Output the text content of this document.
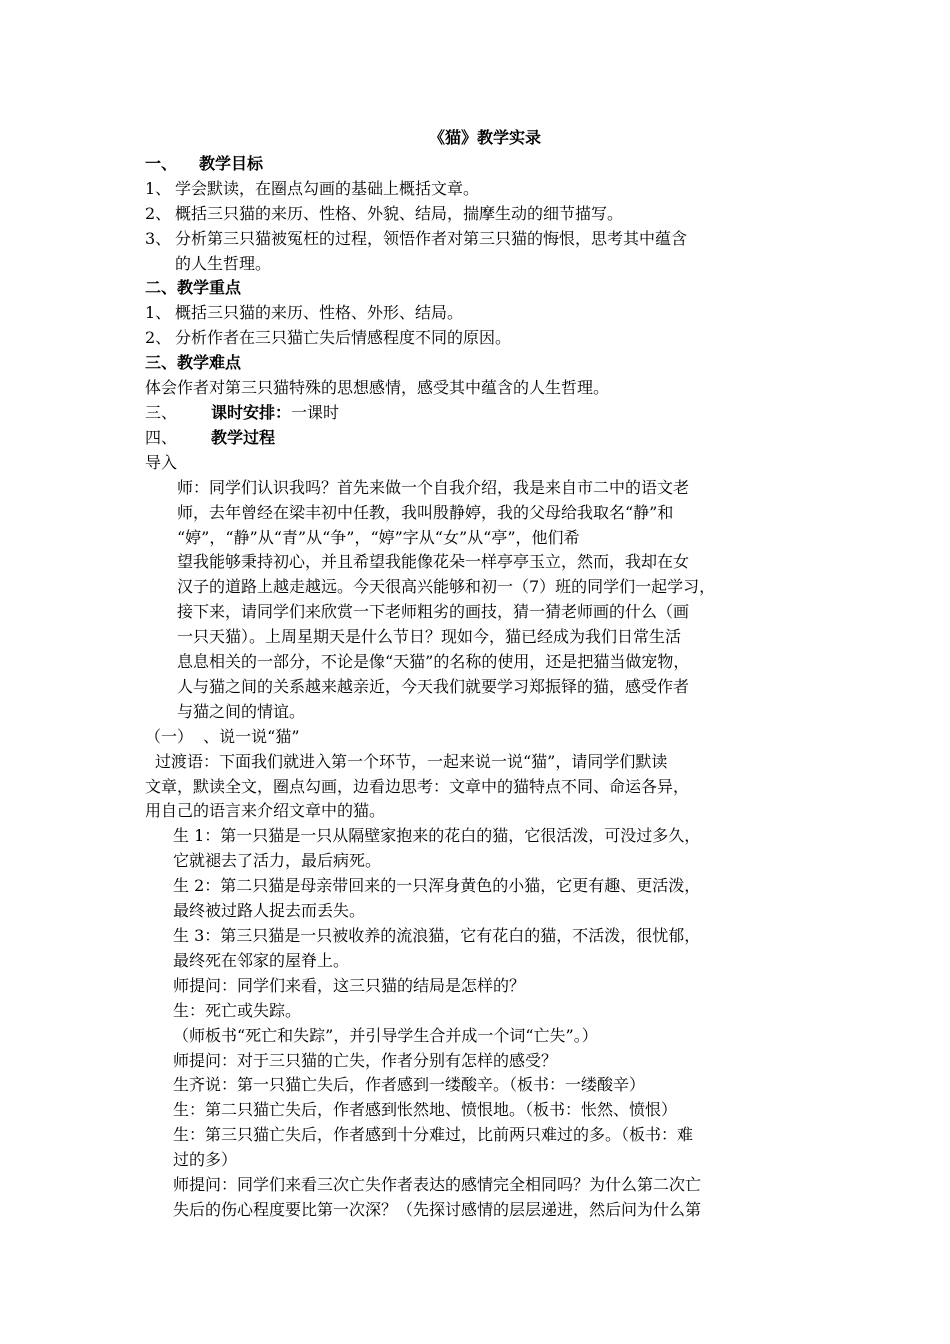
《猫》教学实录
一、 教学目标
1、 学会默读，在圈点勾画的基础上概括文章。
2、 概括三只猫的来历、性格、外貌、结局，揣摩生动的细节描写。
3、 分析第三只猫被冤枉的过程，领悟作者对第三只猫的悔恨，思考其中蕴含
的人生哲理。
二、教学重点
1、 概括三只猫的来历、性格、外形、结局。
2、 分析作者在三只猫亡失后情感程度不同的原因。
三、教学难点
体会作者对第三只猫特殊的思想感情，感受其中蕴含的人生哲理。
三、 课时安排：一课时
四、 教学过程
导入
师：同学们认识我吗？首先来做一个自我介绍，我是来自市二中的语文老
师，去年曾经在梁丰初中任教，我叫殷静婷，我的父母给我取名“静”和
“婷”，“静”从“青”从“争”，“婷”字从“女”从“亭”，他们希
望我能够秉持初心，并且希望我能像花朵一样亭亭玉立，然而，我却在女
汉子的道路上越走越远。今天很高兴能够和初一（7）班的同学们一起学习，
接下来，请同学们来欣赏一下老师粗劣的画技，猜一猜老师画的什么（画
一只天猫）。上周星期天是什么节日？现如今，猫已经成为我们日常生活
息息相关的一部分，不论是像“天猫”的名称的使用，还是把猫当做宠物，
人与猫之间的关系越来越亲近，今天我们就要学习郑振铎的猫，感受作者
与猫之间的情谊。
（一）  、说一说“猫”
过渡语：下面我们就进入第一个环节，一起来说一说“猫”，请同学们默读
文章，默读全文，圈点勾画，边看边思考：文章中的猫特点不同、命运各异，
用自己的语言来介绍文章中的猫。
生 1：第一只猫是一只从隔壁家抱来的花白的猫，它很活泼，可没过多久，
它就褪去了活力，最后病死。
生 2：第二只猫是母亲带回来的一只浑身黄色的小猫，它更有趣、更活泼，
最终被过路人捉去而丢失。
生 3：第三只猫是一只被收养的流浪猫，它有花白的猫，不活泼，很忧郁，
最终死在邻家的屋脊上。
师提问：同学们来看，这三只猫的结局是怎样的？
生：死亡或失踪。
（师板书“死亡和失踪”，并引导学生合并成一个词“亡失”。）
师提问：对于三只猫的亡失，作者分别有怎样的感受？
生齐说：第一只猫亡失后，作者感到一缕酸辛。（板书：一缕酸辛）
生：第二只猫亡失后，作者感到怅然地、愤恨地。（板书：怅然、愤恨）
生：第三只猫亡失后，作者感到十分难过，比前两只难过的多。（板书：难
过的多）
师提问：同学们来看三次亡失作者表达的感情完全相同吗？为什么第二次亡
失后的伤心程度要比第一次深？（先探讨感情的层层递进，然后问为什么第
